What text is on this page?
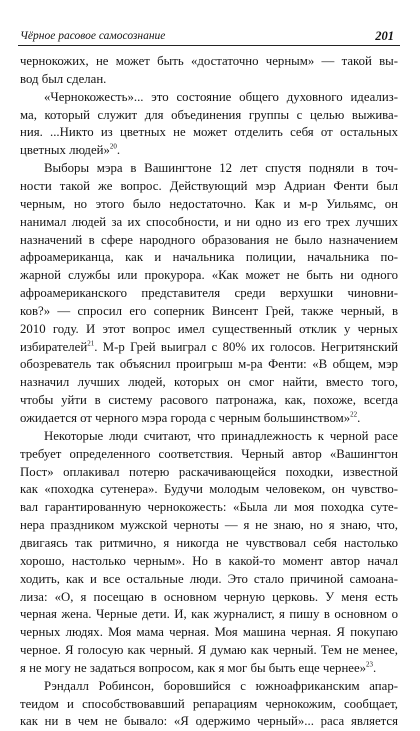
Чёрное расовое самосознание	201
чернокожих, не может быть «достаточно черным» — такой вы-
вод был сделан.
«Чернокожесть»... это состояние общего духовного идеализ-
ма, который служит для объединения группы с целью выжива-
ния. ...Никто из цветных не может отделить себя от остальных
цветных людей»$^{20}$.
Выборы мэра в Вашингтоне 12 лет спустя подняли в точ-
ности такой же вопрос. Действующий мэр Адриан Фенти был
черным, но этого было недостаточно. Как и м-р Уильямс, он
нанимал людей за их способности, и ни одно из его трех лучших
назначений в сфере народного образования не было назначением
афроамериканца, как и начальника полиции, начальника по-
жарной службы или прокурора. «Как может не быть ни одного
афроамериканского представителя среди верхушки чиновни-
ков?» — спросил его соперник Винсент Грей, также черный, в
2010 году. И этот вопрос имел существенный отклик у черных
избирателей$^{21}$. М-р Грей выиграл с 80% их голосов. Негритянский
обозреватель так объяснил проигрыш м-ра Фенти: «В общем, мэр
назначил лучших людей, которых он смог найти, вместо того,
чтобы уйти в систему расового патронажа, как, похоже, всегда
ожидается от черного мэра города с черным большинством»$^{22}$.
Некоторые люди считают, что принадлежность к черной расе
требует определенного соответствия. Черный автор «Вашингтон
Пост» оплакивал потерю раскачивающейся походки, известной
как «походка сутенера». Будучи молодым человеком, он чувство-
вал гарантированную чернокожесть: «Была ли моя походка суте-
нера праздником мужской черноты — я не знаю, но я знаю, что,
двигаясь так ритмично, я никогда не чувствовал себя настолько
хорошо, настолько черным». Но в какой-то момент автор начал
ходить, как и все остальные люди. Это стало причиной самоана-
лиза: «О, я посещаю в основном черную церковь. У меня есть
черная жена. Черные дети. И, как журналист, я пишу в основном о
черных людях. Моя мама черная. Моя машина черная. Я покупаю
черное. Я голосую как черный. Я думаю как черный. Тем не менее,
я не могу не задаться вопросом, как я мог бы быть еще чернее»$^{23}$.
Рэндалл Робинсон, боровшийся с южноафриканским апар-
теидом и способствовавший репарациям чернокожим, сообщает,
как ни в чем не бывало: «Я одержимо черный»... раса является
